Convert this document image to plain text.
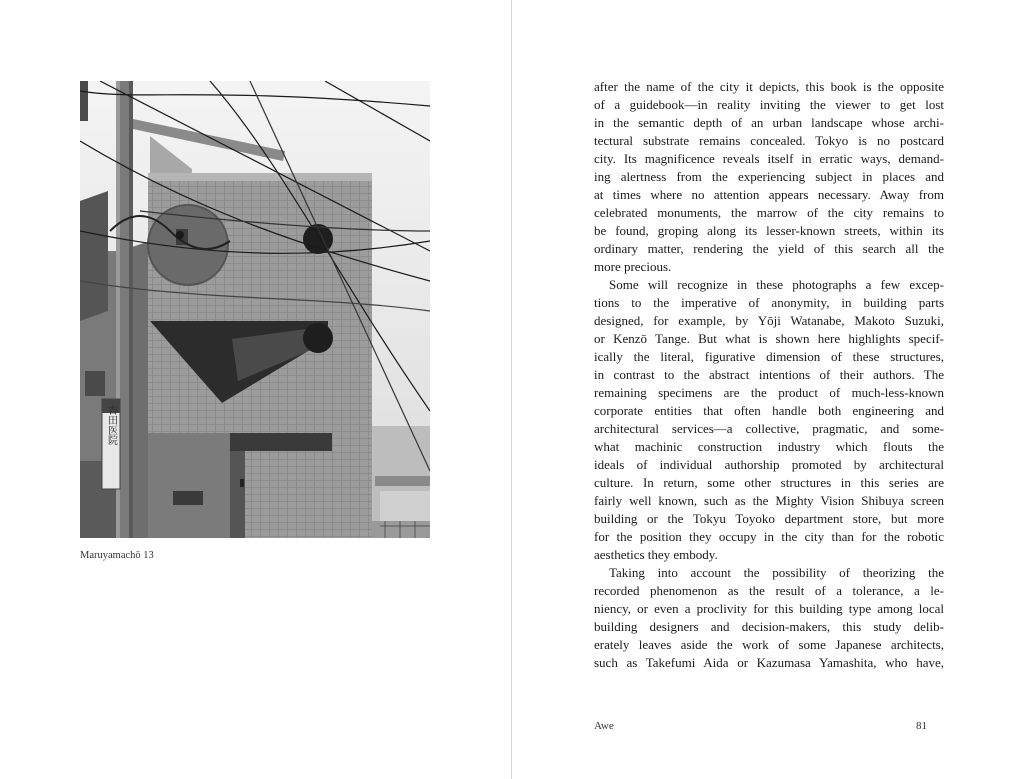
吉田医院
Maruyamachō 13
after the name of the city it depicts, this book is the opposite
of a guidebook—in reality inviting the viewer to get lost
in the semantic depth of an urban landscape whose archi-
tectural substrate remains concealed. Tokyo is no postcard
city. Its magnificence reveals itself in erratic ways, demand-
ing alertness from the experiencing subject in places and
at times where no attention appears necessary. Away from
celebrated monuments, the marrow of the city remains to
be found, groping along its lesser-known streets, within its
ordinary matter, rendering the yield of this search all the
more precious.
Some will recognize in these photographs a few excep-
tions to the imperative of anonymity, in building parts
designed, for example, by Yōji Watanabe, Makoto Suzuki,
or Kenzō Tange. But what is shown here highlights specif-
ically the literal, figurative dimension of these structures,
in contrast to the abstract intentions of their authors. The
remaining specimens are the product of much-less-known
corporate entities that often handle both engineering and
architectural services—a collective, pragmatic, and some-
what machinic construction industry which flouts the
ideals of individual authorship promoted by architectural
culture. In return, some other structures in this series are
fairly well known, such as the Mighty Vision Shibuya screen
building or the Tokyu Toyoko department store, but more
for the position they occupy in the city than for the robotic
aesthetics they embody.
Taking into account the possibility of theorizing the
recorded phenomenon as the result of a tolerance, a le-
niency, or even a proclivity for this building type among local
building designers and decision-makers, this study delib-
erately leaves aside the work of some Japanese architects,
such as Takefumi Aida or Kazumasa Yamashita, who have,
Awe	81
